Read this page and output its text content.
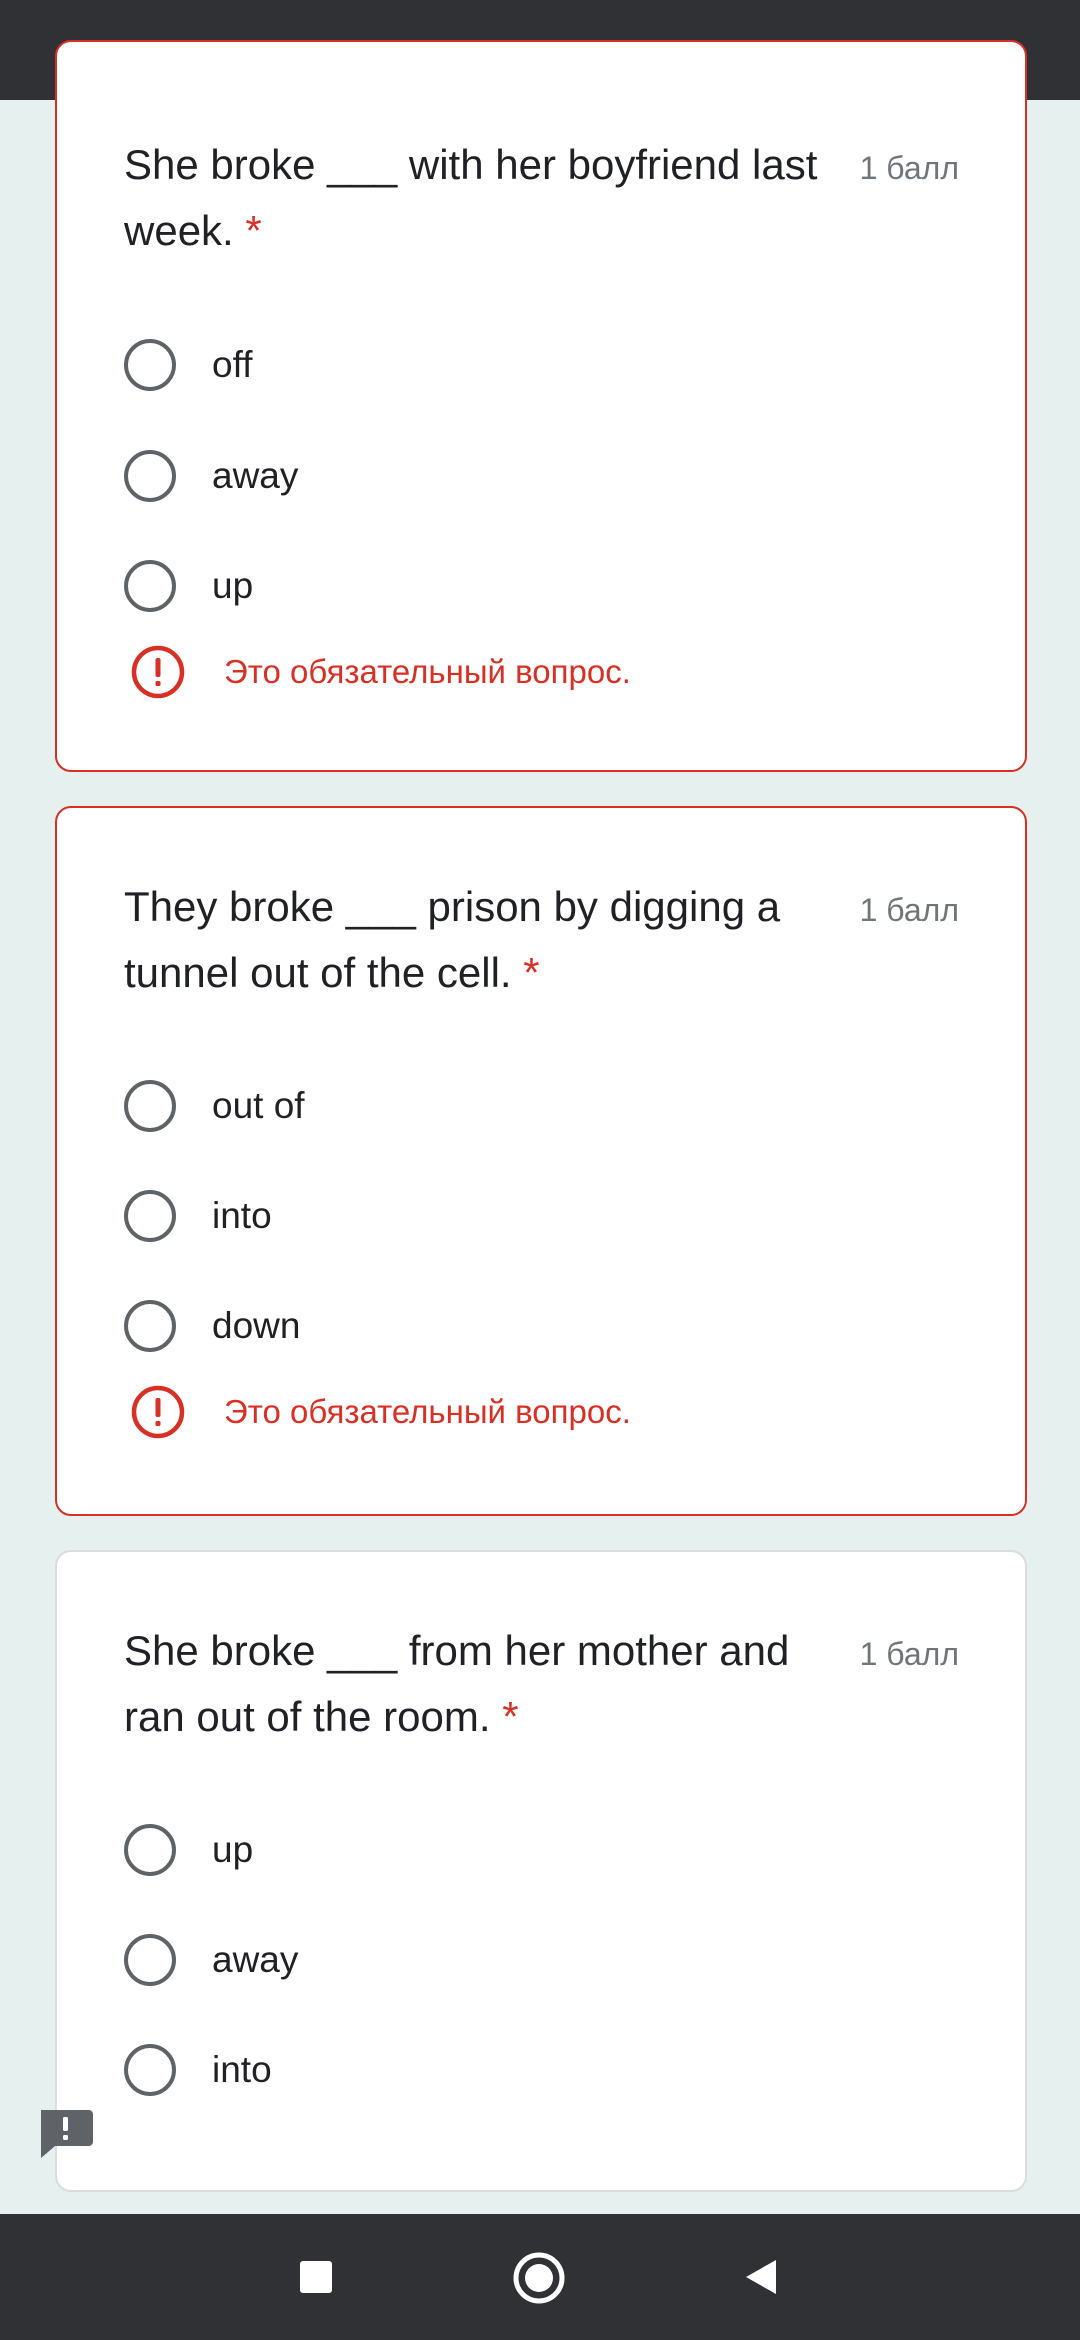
She broke ___ with her boyfriend last week. *
1 балл
off
away
up
Это обязательный вопрос.
They broke ___ prison by digging a tunnel out of the cell. *
1 балл
out of
into
down
Это обязательный вопрос.
She broke ___ from her mother and ran out of the room. *
1 балл
up
away
into
